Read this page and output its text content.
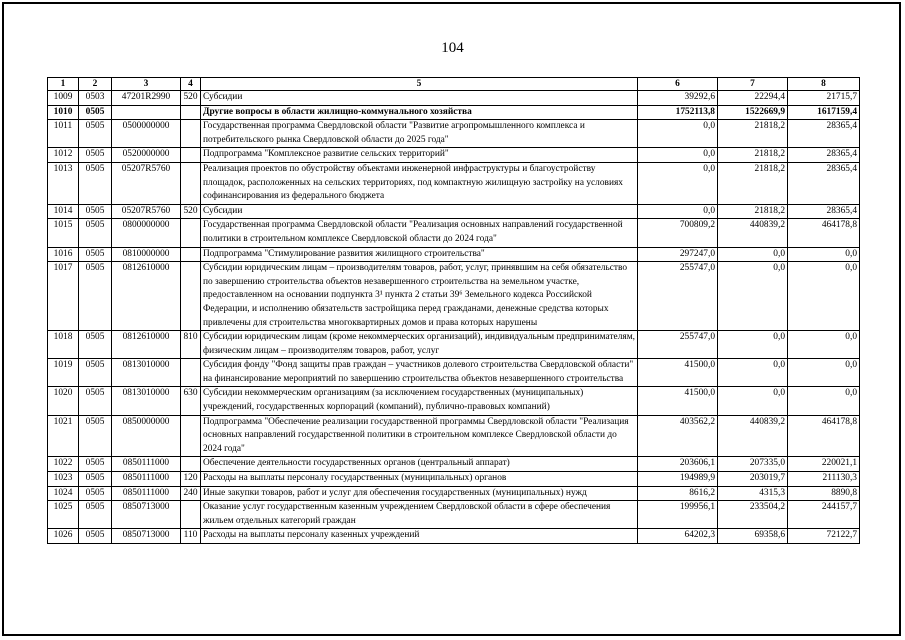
104
1	2	3	4	5	6	7	8
1009	0503	47201R2990	520	Субсидии	39292,6	22294,4	21715,7
1010	0505			Другие вопросы в области жилищно-коммунального хозяйства	1752113,8	1522669,9	1617159,4
1011	0505	0500000000		Государственная программа Свердловской области "Развитие агропромышленного комплекса и потребительского рынка Свердловской области до 2025 года"	0,0	21818,2	28365,4
1012	0505	0520000000		Подпрограмма "Комплексное развитие сельских территорий"	0,0	21818,2	28365,4
1013	0505	05207R5760		Реализация проектов по обустройству объектами инженерной инфраструктуры и благоустройству площадок, расположенных на сельских территориях, под компактную жилищную застройку на условиях софинансирования из федерального бюджета	0,0	21818,2	28365,4
1014	0505	05207R5760	520	Субсидии	0,0	21818,2	28365,4
1015	0505	0800000000		Государственная программа Свердловской области "Реализация основных направлений государственной политики в строительном комплексе Свердловской области до 2024 года"	700809,2	440839,2	464178,8
1016	0505	0810000000		Подпрограмма "Стимулирование развития жилищного строительства"	297247,0	0,0	0,0
1017	0505	0812610000		Субсидии юридическим лицам – производителям товаров, работ, услуг, принявшим на себя обязательство по завершению строительства объектов незавершенного строительства на земельном участке, предоставленном на основании подпункта 3¹ пункта 2 статьи 39⁶ Земельного кодекса Российской Федерации, и исполнению обязательств застройщика перед гражданами, денежные средства которых привлечены для строительства многоквартирных домов и права которых нарушены	255747,0	0,0	0,0
1018	0505	0812610000	810	Субсидии юридическим лицам (кроме некоммерческих организаций), индивидуальным предпринимателям, физическим лицам – производителям товаров, работ, услуг	255747,0	0,0	0,0
1019	0505	0813010000		Субсидия фонду "Фонд защиты прав граждан – участников долевого строительства Свердловской области" на финансирование мероприятий по завершению строительства объектов незавершенного строительства	41500,0	0,0	0,0
1020	0505	0813010000	630	Субсидии некоммерческим организациям (за исключением государственных (муниципальных) учреждений, государственных корпораций (компаний), публично-правовых компаний)	41500,0	0,0	0,0
1021	0505	0850000000		Подпрограмма "Обеспечение реализации государственной программы Свердловской области "Реализация основных направлений государственной политики в строительном комплексе Свердловской области до 2024 года"	403562,2	440839,2	464178,8
1022	0505	0850111000		Обеспечение деятельности государственных органов (центральный аппарат)	203606,1	207335,0	220021,1
1023	0505	0850111000	120	Расходы на выплаты персоналу государственных (муниципальных) органов	194989,9	203019,7	211130,3
1024	0505	0850111000	240	Иные закупки товаров, работ и услуг для обеспечения государственных (муниципальных) нужд	8616,2	4315,3	8890,8
1025	0505	0850713000		Оказание услуг государственным казенным учреждением Свердловской области в сфере обеспечения жильем отдельных категорий граждан	199956,1	233504,2	244157,7
1026	0505	0850713000	110	Расходы на выплаты персоналу казенных учреждений	64202,3	69358,6	72122,7
